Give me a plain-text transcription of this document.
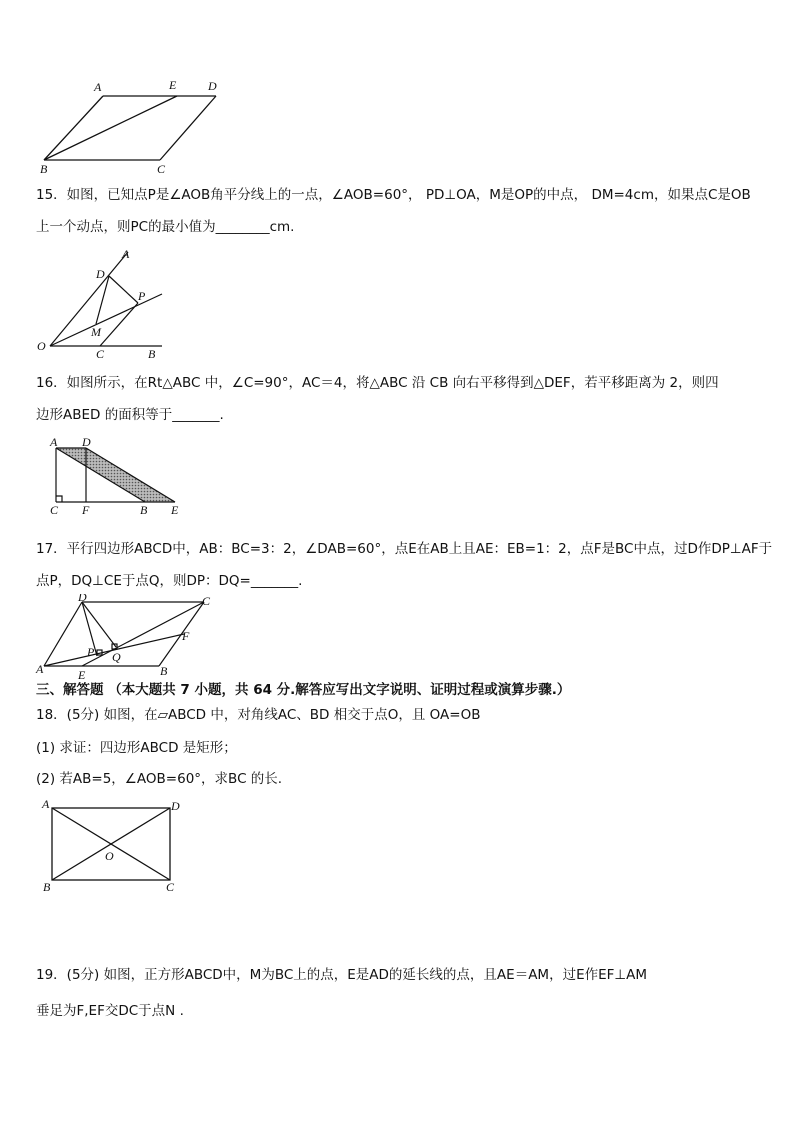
A	E	D
B	C
15．如图，已知点P是∠AOB角平分线上的一点，∠AOB=60°， PD⊥OA，M是OP的中点， DM=4cm，如果点C是OB
上一个动点，则PC的最小值为________cm.
A
D
P
M
O
C	B
16．如图所示，在Rt△ABC 中，∠C=90°，AC＝4，将△ABC 沿 CB 向右平移得到△DEF，若平移距离为 2，则四
边形ABED 的面积等于_______.
A D
C F	B E
17．平行四边形ABCD中，AB：BC=3：2，∠DAB=60°，点E在AB上且AE：EB=1：2，点F是BC中点，过D作DP⊥AF于
点P，DQ⊥CE于点Q，则DP：DQ=_______.
D	C
F
P Q
A	E	B
三、解答题 （本大题共 7 小题，共 64 分.解答应写出文字说明、证明过程或演算步骤.）
18．(5分) 如图，在▱ABCD 中，对角线AC、BD 相交于点O，且 OA=OB
(1) 求证：四边形ABCD 是矩形；
(2) 若AB=5，∠AOB=60°，求BC 的长.
A	D
O
B	C
19．(5分) 如图，正方形ABCD中，M为BC上的点，E是AD的延长线的点，且AE＝AM，过E作EF⊥AM
垂足为F,EF交DC于点N .
